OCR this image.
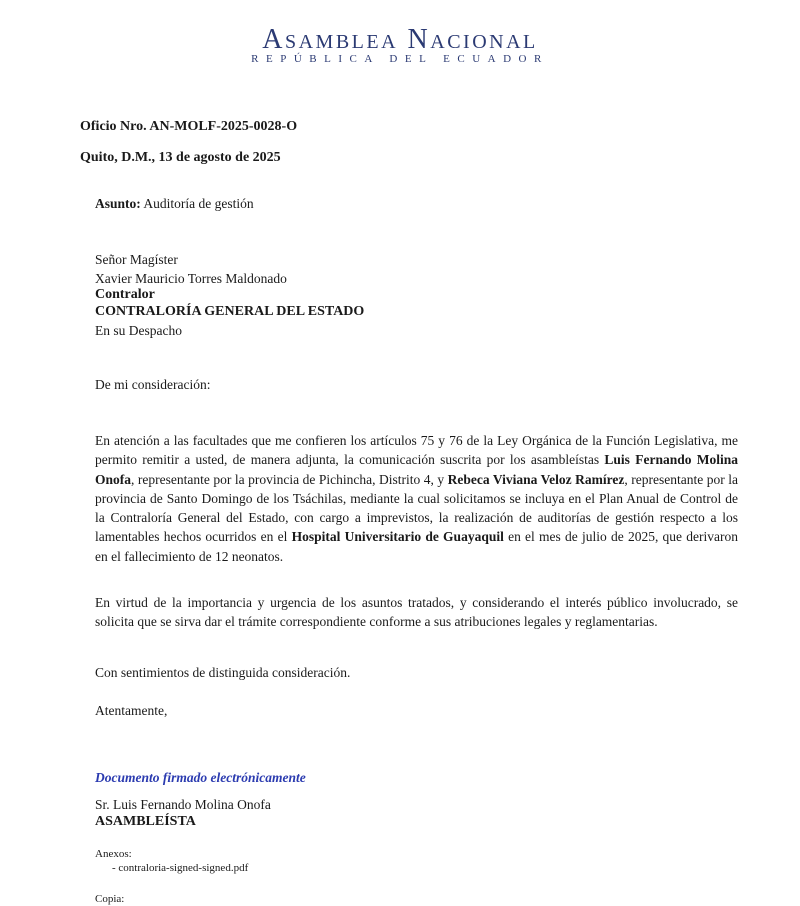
Asamblea Nacional
REPÚBLICA DEL ECUADOR
Oficio Nro. AN-MOLF-2025-0028-O
Quito, D.M., 13 de agosto de 2025
Asunto: Auditoría de gestión
Señor Magíster
Xavier Mauricio Torres Maldonado
Contralor
CONTRALORÍA GENERAL DEL ESTADO
En su Despacho
De mi consideración:

En atención a las facultades que me confieren los artículos 75 y 76 de la Ley Orgánica de la Función Legislativa, me permito remitir a usted, de manera adjunta, la comunicación suscrita por los asambleístas Luis Fernando Molina Onofa, representante por la provincia de Pichincha, Distrito 4, y Rebeca Viviana Veloz Ramírez, representante por la provincia de Santo Domingo de los Tsáchilas, mediante la cual solicitamos se incluya en el Plan Anual de Control de la Contraloría General del Estado, con cargo a imprevistos, la realización de auditorías de gestión respecto a los lamentables hechos ocurridos en el Hospital Universitario de Guayaquil en el mes de julio de 2025, que derivaron en el fallecimiento de 12 neonatos.

En virtud de la importancia y urgencia de los asuntos tratados, y considerando el interés público involucrado, se solicita que se sirva dar el trámite correspondiente conforme a sus atribuciones legales y reglamentarias.

Con sentimientos de distinguida consideración.
Atentamente,
Documento firmado electrónicamente
Sr. Luis Fernando Molina Onofa
ASAMBLEÍSTA
Anexos:
- contraloria-signed-signed.pdf
Copia:
